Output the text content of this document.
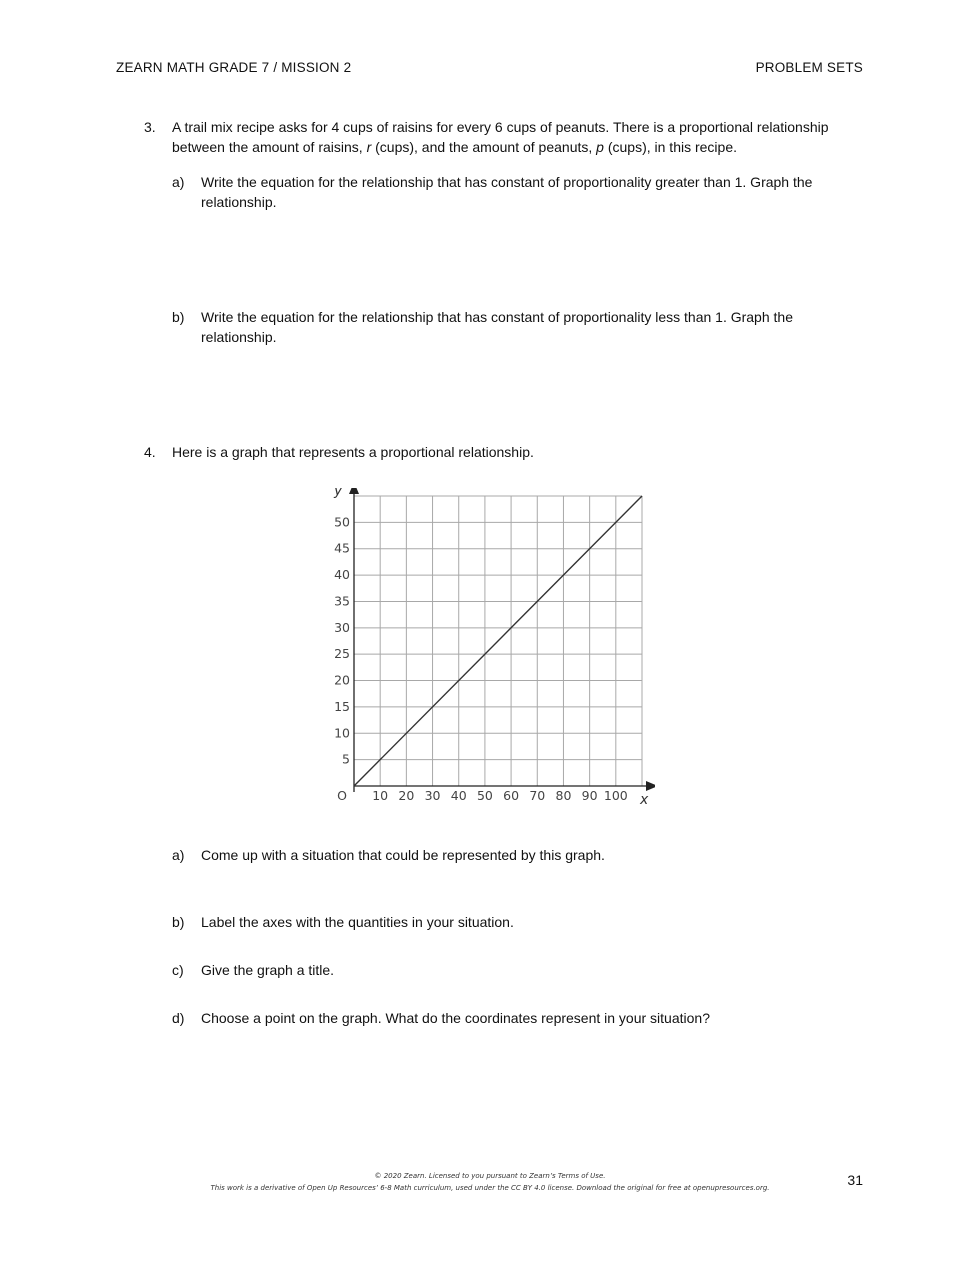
ZEARN MATH GRADE 7 / MISSION 2	PROBLEM SETS
3. A trail mix recipe asks for 4 cups of raisins for every 6 cups of peanuts. There is a proportional relationship between the amount of raisins, r (cups), and the amount of peanuts, p (cups), in this recipe.
a) Write the equation for the relationship that has constant of proportionality greater than 1. Graph the relationship.
b) Write the equation for the relationship that has constant of proportionality less than 1. Graph the relationship.
4. Here is a graph that represents a proportional relationship.
10 20 30 40 50 60 70 80 90 100
5
10
15
20
25
30
35
40
45
50
O	x
y
a) Come up with a situation that could be represented by this graph.
b) Label the axes with the quantities in your situation.
c) Give the graph a title.
d) Choose a point on the graph. What do the coordinates represent in your situation?
© 2020 Zearn. Licensed to you pursuant to Zearn’s Terms of Use.
This work is a derivative of Open Up Resources’ 6-8 Math curriculum, used under the CC BY 4.0 license. Download the original for free at openupresources.org.	31
